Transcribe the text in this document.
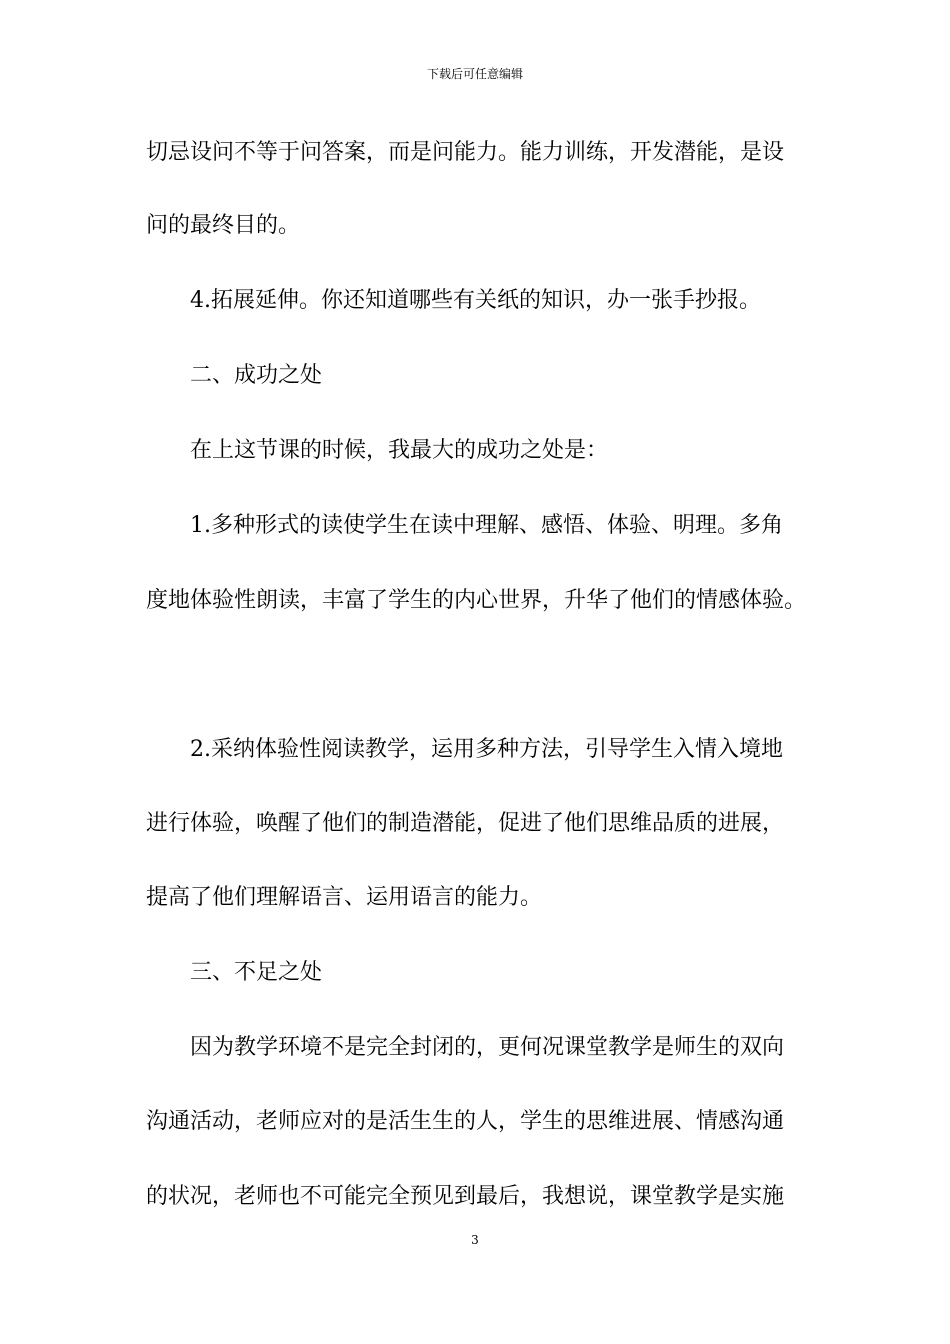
下载后可任意编辑
切忌设问不等于问答案，而是问能力。能力训练，开发潜能，是设
问的最终目的。
4.拓展延伸。你还知道哪些有关纸的知识，办一张手抄报。
二、成功之处
在上这节课的时候，我最大的成功之处是：
1.多种形式的读使学生在读中理解、感悟、体验、明理。多角
度地体验性朗读，丰富了学生的内心世界，升华了他们的情感体验。
2.采纳体验性阅读教学，运用多种方法，引导学生入情入境地
进行体验，唤醒了他们的制造潜能，促进了他们思维品质的进展，
提高了他们理解语言、运用语言的能力。
三、不足之处
因为教学环境不是完全封闭的，更何况课堂教学是师生的双向
沟通活动，老师应对的是活生生的人，学生的思维进展、情感沟通
的状况，老师也不可能完全预见到最后，我想说，课堂教学是实施
3
